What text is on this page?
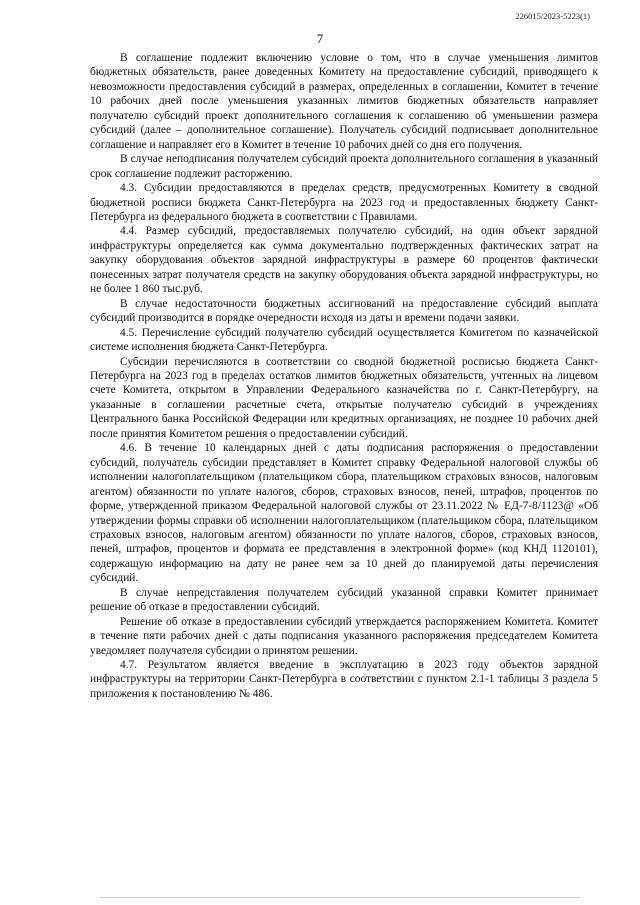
226015/2023-5223(1)
7

В соглашение подлежит включению условие о том, что в случае уменьшения лимитов бюджетных обязательств, ранее доведенных Комитету на предоставление субсидий, приводящего к невозможности предоставления субсидий в размерах, определенных в соглашении, Комитет в течение 10 рабочих дней после уменьшения указанных лимитов бюджетных обязательств направляет получателю субсидий проект дополнительного соглашения к соглашению об уменьшении размера субсидий (далее – дополнительное соглашение). Получатель субсидий подписывает дополнительное соглашение и направляет его в Комитет в течение 10 рабочих дней со дня его получения.

В случае неподписания получателем субсидий проекта дополнительного соглашения в указанный срок соглашение подлежит расторжению.

4.3. Субсидии предоставляются в пределах средств, предусмотренных Комитету в сводной бюджетной росписи бюджета Санкт-Петербурга на 2023 год и предоставленных бюджету Санкт-Петербурга из федерального бюджета в соответствии с Правилами.

4.4. Размер субсидий, предоставляемых получателю субсидий, на один объект зарядной инфраструктуры определяется как сумма документально подтвержденных фактических затрат на закупку оборудования объектов зарядной инфраструктуры в размере 60 процентов фактически понесенных затрат получателя средств на закупку оборудования объекта зарядной инфраструктуры, но не более 1 860 тыс.руб.

В случае недостаточности бюджетных ассигнований на предоставление субсидий выплата субсидий производится в порядке очередности исходя из даты и времени подачи заявки.

4.5. Перечисление субсидий получателю субсидий осуществляется Комитетом по казначейской системе исполнения бюджета Санкт-Петербурга.

Субсидии перечисляются в соответствии со сводной бюджетной росписью бюджета Санкт-Петербурга на 2023 год в пределах остатков лимитов бюджетных обязательств, учтенных на лицевом счете Комитета, открытом в Управлении Федерального казначейства по г. Санкт-Петербургу, на указанные в соглашении расчетные счета, открытые получателю субсидий в учреждениях Центрального банка Российской Федерации или кредитных организациях, не позднее 10 рабочих дней после принятия Комитетом решения о предоставлении субсидий.

4.6. В течение 10 календарных дней с даты подписания распоряжения о предоставлении субсидий, получатель субсидии представляет в Комитет справку Федеральной налоговой службы об исполнении налогоплательщиком (плательщиком сбора, плательщиком страховых взносов, налоговым агентом) обязанности по уплате налогов, сборов, страховых взносов, пеней, штрафов, процентов по форме, утвержденной приказом Федеральной налоговой службы от 23.11.2022 № ЕД-7-8/1123@ «Об утверждении формы справки об исполнении налогоплательщиком (плательщиком сбора, плательщиком страховых взносов, налоговым агентом) обязанности по уплате налогов, сборов, страховых взносов, пеней, штрафов, процентов и формата ее представления в электронной форме» (код КНД 1120101), содержащую информацию на дату не ранее чем за 10 дней до планируемой даты перечисления субсидий.

В случае непредставления получателем субсидий указанной справки Комитет принимает решение об отказе в предоставлении субсидий.

Решение об отказе в предоставлении субсидий утверждается распоряжением Комитета. Комитет в течение пяти рабочих дней с даты подписания указанного распоряжения председателем Комитета уведомляет получателя субсидии о принятом решении.

4.7. Результатом является введение в эксплуатацию в 2023 году объектов зарядной инфраструктуры на территории Санкт-Петербурга в соответствии с пунктом 2.1-1 таблицы 3 раздела 5 приложения к постановлению № 486.
